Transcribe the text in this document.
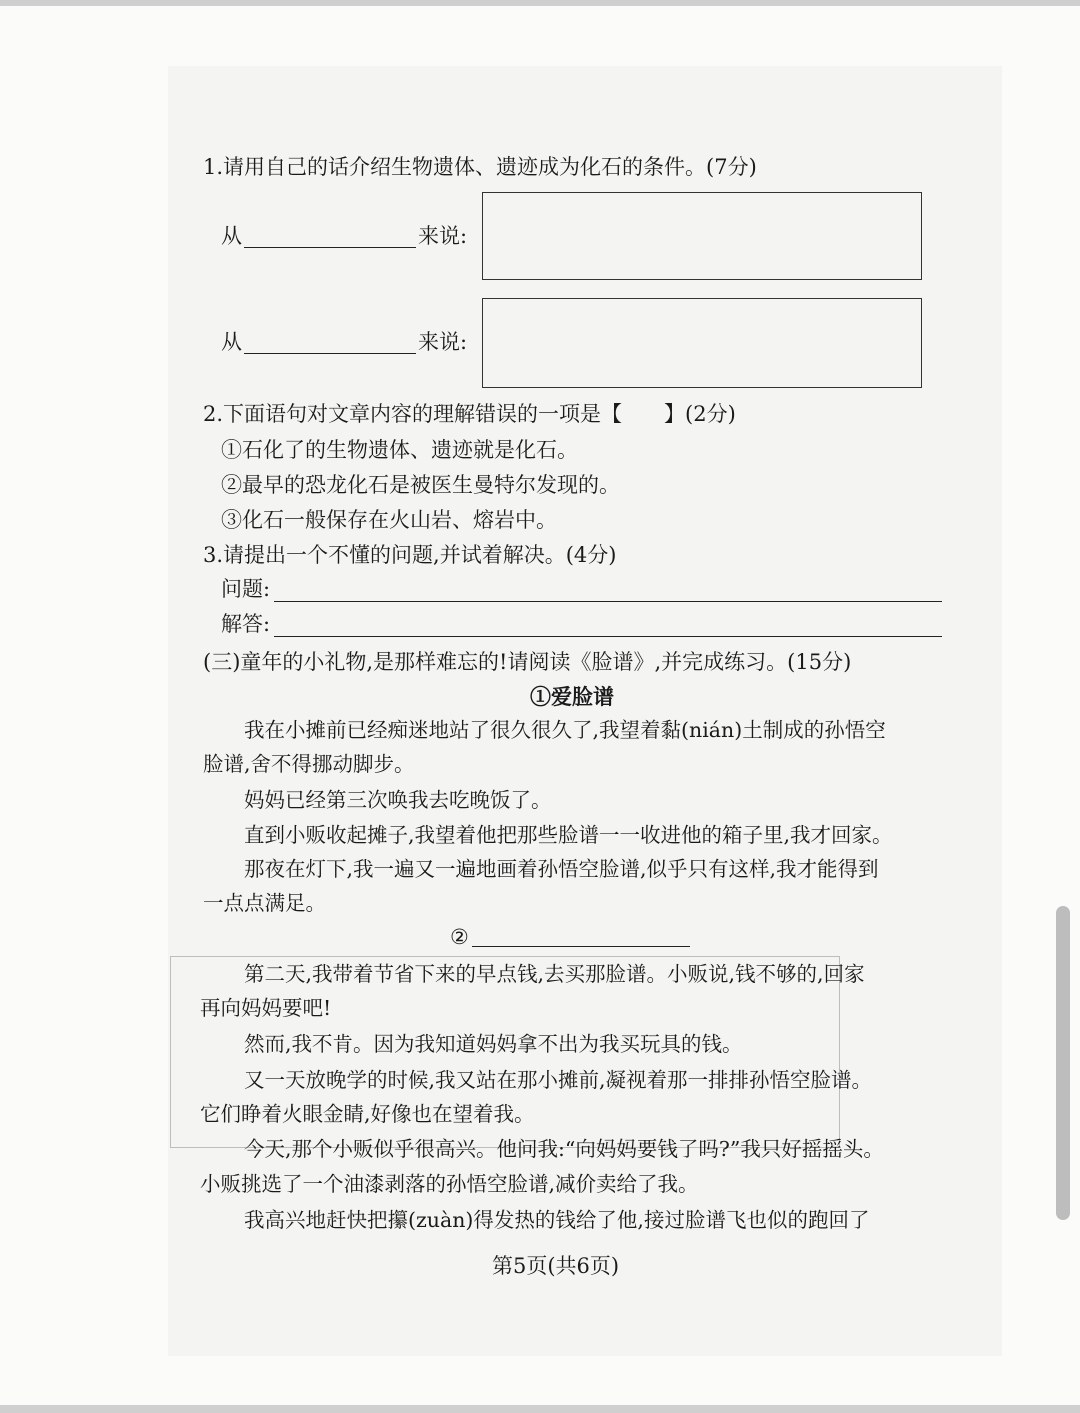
1.请用自己的话介绍生物遗体、遗迹成为化石的条件。(7分)
从	来说:
从	来说:
2.下面语句对文章内容的理解错误的一项是【　　】(2分)
①石化了的生物遗体、遗迹就是化石。
②最早的恐龙化石是被医生曼特尔发现的。
③化石一般保存在火山岩、熔岩中。
3.请提出一个不懂的问题,并试着解决。(4分)
问题:
解答:
(三)童年的小礼物,是那样难忘的!请阅读《脸谱》,并完成练习。(15分)
①爱脸谱
我在小摊前已经痴迷地站了很久很久了,我望着黏(nián)土制成的孙悟空
脸谱,舍不得挪动脚步。
妈妈已经第三次唤我去吃晚饭了。
直到小贩收起摊子,我望着他把那些脸谱一一收进他的箱子里,我才回家。
那夜在灯下,我一遍又一遍地画着孙悟空脸谱,似乎只有这样,我才能得到
一点点满足。
②
第二天,我带着节省下来的早点钱,去买那脸谱。小贩说,钱不够的,回家
再向妈妈要吧!
然而,我不肯。因为我知道妈妈拿不出为我买玩具的钱。
又一天放晚学的时候,我又站在那小摊前,凝视着那一排排孙悟空脸谱。
它们睁着火眼金睛,好像也在望着我。
今天,那个小贩似乎很高兴。他问我:“向妈妈要钱了吗?”我只好摇摇头。
小贩挑选了一个油漆剥落的孙悟空脸谱,减价卖给了我。
我高兴地赶快把攥(zuàn)得发热的钱给了他,接过脸谱飞也似的跑回了
第5页(共6页)
